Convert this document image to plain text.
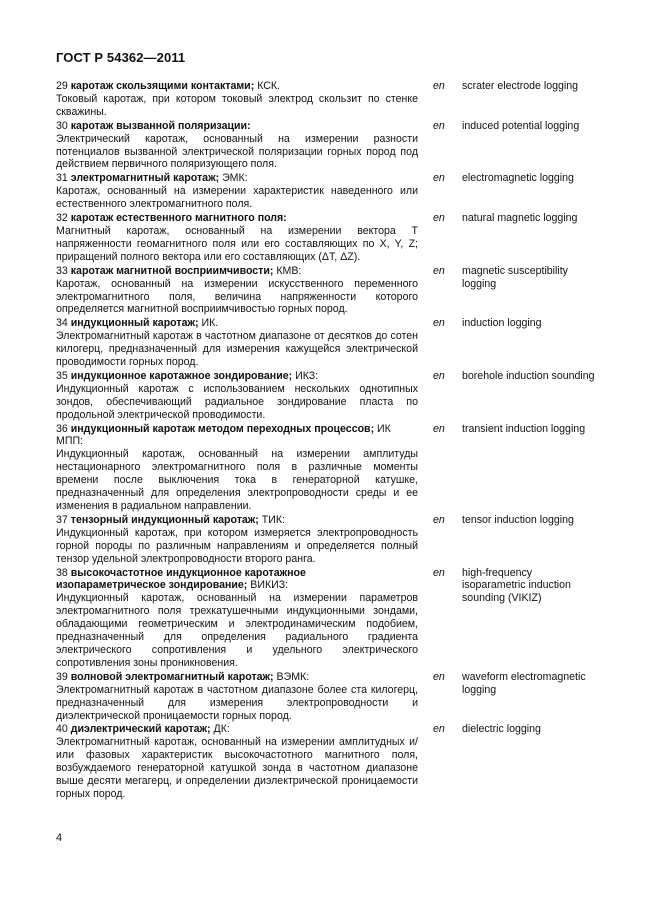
ГОСТ Р 54362—2011
29 каротаж скользящими контактами; КСК.
Токовый каротаж, при котором токовый электрод скользит по стенке скважины.
en scrater electrode logging
30 каротаж вызванной поляризации:
Электрический каротаж, основанный на измерении разности потенциалов вызванной электрической поляризации горных пород под действием первичного поляризующего поля.
en induced potential logging
31 электромагнитный каротаж; ЭМК:
Каротаж, основанный на измерении характеристик наведенного или естественного электромагнитного поля.
en electromagnetic logging
32 каротаж естественного магнитного поля:
Магнитный каротаж, основанный на измерении вектора T напряженности геомагнитного поля или его составляющих по X, Y, Z; приращений полного вектора или его составляющих (ΔT, ΔZ).
en natural magnetic logging
33 каротаж магнитной восприимчивости; КМВ:
Каротаж, основанный на измерении искусственного переменного электромагнитного поля, величина напряженности которого определяется магнитной восприимчивостью горных пород.
en magnetic susceptibility logging
34 индукционный каротаж; ИК.
Электромагнитный каротаж в частотном диапазоне от десятков до сотен килогерц, предназначенный для измерения кажущейся электрической проводимости горных пород.
en induction logging
35 индукционное каротажное зондирование; ИКЗ:
Индукционный каротаж с использованием нескольких однотипных зондов, обеспечивающий радиальное зондирование пласта по продольной электрической проводимости.
en borehole induction sounding
36 индукционный каротаж методом переходных процессов; ИК МПП:
Индукционный каротаж, основанный на измерении амплитуды нестационарного электромагнитного поля в различные моменты времени после выключения тока в генераторной катушке, предназначенный для определения электропроводности среды и ее изменения в радиальном направлении.
en transient induction logging
37 тензорный индукционный каротаж; ТИК:
Индукционный каротаж, при котором измеряется электропроводность горной породы по различным направлениям и определяется полный тензор удельной электропроводности второго ранга.
en tensor induction logging
38 высокочастотное индукционное каротажное изопараметрическое зондирование; ВИКИЗ:
Индукционный каротаж, основанный на измерении параметров электромагнитного поля трехкатушечными индукционными зондами, обладающими геометрическим и электродинамическим подобием, предназначенный для определения радиального градиента электрического сопротивления и удельного электрического сопротивления зоны проникновения.
en high-frequency isoparametric induction sounding (VIKIZ)
39 волновой электромагнитный каротаж; ВЭМК:
Электромагнитный каротаж в частотном диапазоне более ста килогерц, предназначенный для измерения электропроводности и диэлектрической проницаемости горных пород.
en waveform electromagnetic logging
40 диэлектрический каротаж; ДК:
Электромагнитный каротаж, основанный на измерении амплитудных и/или фазовых характеристик высокочастотного магнитного поля, возбуждаемого генераторной катушкой зонда в частотном диапазоне выше десяти мегагерц, и определении диэлектрической проницаемости горных пород.
en dielectric logging
4
